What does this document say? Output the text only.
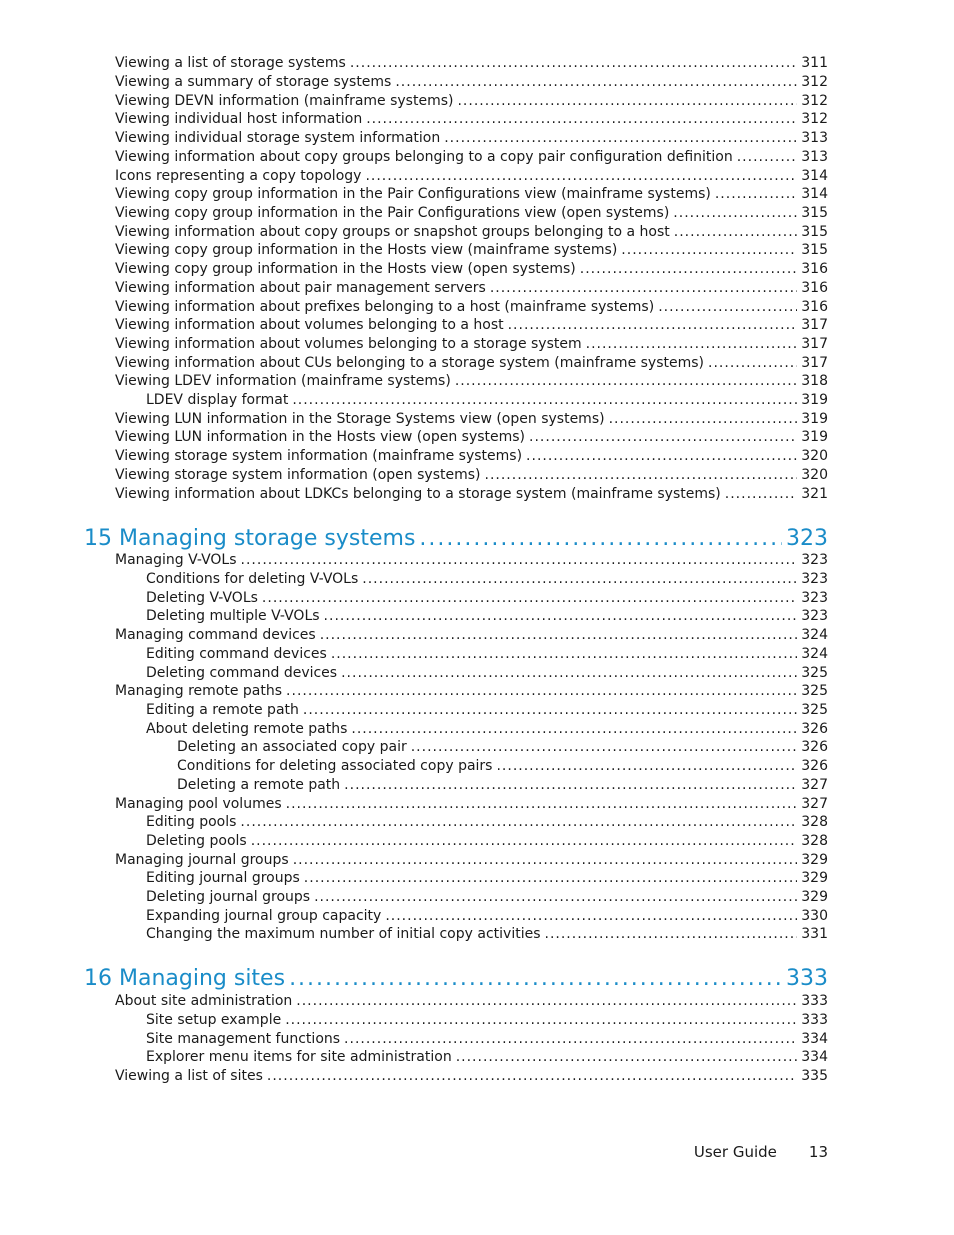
Viewing a list of storage systems .....	311
Viewing a summary of storage systems .....	312
Viewing DEVN information (mainframe systems) .....	312
Viewing individual host information .....	312
Viewing individual storage system information .....	313
Viewing information about copy groups belonging to a copy pair configuration definition .....	313
Icons representing a copy topology .....	314
Viewing copy group information in the Pair Configurations view (mainframe systems) .....	314
Viewing copy group information in the Pair Configurations view (open systems) .....	315
Viewing information about copy groups or snapshot groups belonging to a host .....	315
Viewing copy group information in the Hosts view (mainframe systems) .....	315
Viewing copy group information in the Hosts view (open systems) .....	316
Viewing information about pair management servers .....	316
Viewing information about prefixes belonging to a host (mainframe systems) .....	316
Viewing information about volumes belonging to a host .....	317
Viewing information about volumes belonging to a storage system .....	317
Viewing information about CUs belonging to a storage system (mainframe systems) .....	317
Viewing LDEV information (mainframe systems) .....	318
LDEV display format .....	319
Viewing LUN information in the Storage Systems view (open systems) .....	319
Viewing LUN information in the Hosts view (open systems) .....	319
Viewing storage system information (mainframe systems) .....	320
Viewing storage system information (open systems) .....	320
Viewing information about LDKCs belonging to a storage system (mainframe systems) .....	321
15 Managing storage systems .....	323
Managing V-VOLs .....	323
Conditions for deleting V-VOLs .....	323
Deleting V-VOLs .....	323
Deleting multiple V-VOLs .....	323
Managing command devices .....	324
Editing command devices .....	324
Deleting command devices .....	325
Managing remote paths .....	325
Editing a remote path .....	325
About deleting remote paths .....	326
Deleting an associated copy pair .....	326
Conditions for deleting associated copy pairs .....	326
Deleting a remote path .....	327
Managing pool volumes .....	327
Editing pools .....	328
Deleting pools .....	328
Managing journal groups .....	329
Editing journal groups .....	329
Deleting journal groups .....	329
Expanding journal group capacity .....	330
Changing the maximum number of initial copy activities .....	331
16 Managing sites .....	333
About site administration .....	333
Site setup example .....	333
Site management functions .....	334
Explorer menu items for site administration .....	334
Viewing a list of sites .....	335
User Guide 13
